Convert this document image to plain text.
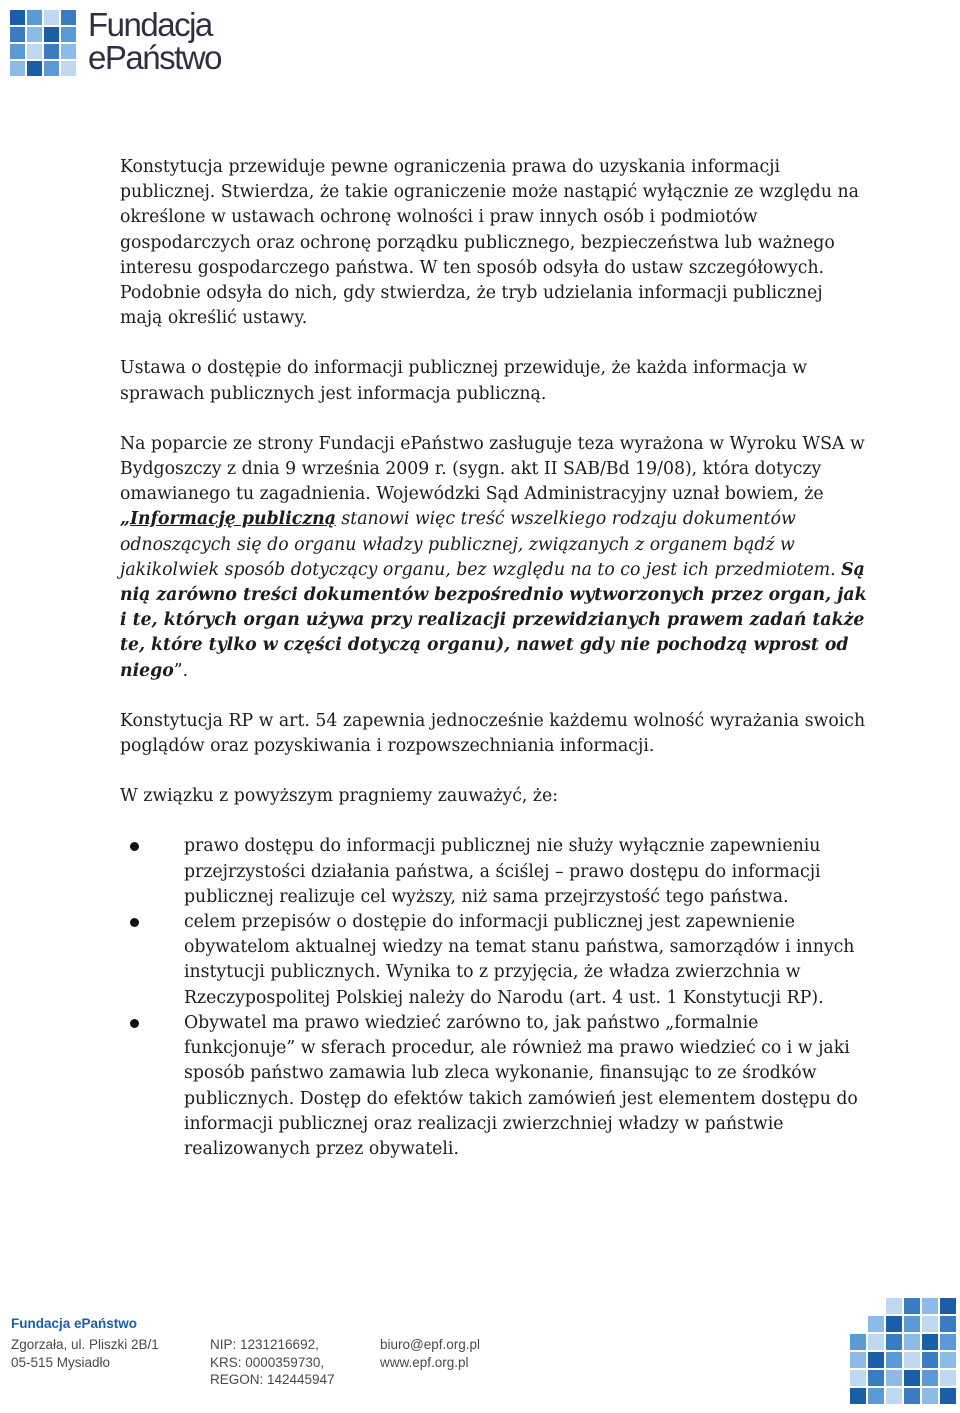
Fundacja
ePaństwo

Konstytucja przewiduje pewne ograniczenia prawa do uzyskania informacji publicznej. Stwierdza, że takie ograniczenie może nastąpić wyłącznie ze względu na określone w ustawach ochronę wolności i praw innych osób i podmiotów gospodarczych oraz ochronę porządku publicznego, bezpieczeństwa lub ważnego interesu gospodarczego państwa. W ten sposób odsyła do ustaw szczegółowych. Podobnie odsyła do nich, gdy stwierdza, że tryb udzielania informacji publicznej mają określić ustawy.

Ustawa o dostępie do informacji publicznej przewiduje, że każda informacja w sprawach publicznych jest informacja publiczną.

Na poparcie ze strony Fundacji ePaństwo zasługuje teza wyrażona w Wyroku WSA w Bydgoszczy z dnia 9 września 2009 r. (sygn. akt II SAB/Bd 19/08), która dotyczy omawianego tu zagadnienia. Wojewódzki Sąd Administracyjny uznał bowiem, że „Informację publiczną stanowi więc treść wszelkiego rodzaju dokumentów odnoszących się do organu władzy publicznej, związanych z organem bądź w jakikolwiek sposób dotyczący organu, bez względu na to co jest ich przedmiotem. Są nią zarówno treści dokumentów bezpośrednio wytworzonych przez organ, jak i te, których organ używa przy realizacji przewidzianych prawem zadań także te, które tylko w części dotyczą organu), nawet gdy nie pochodzą wprost od niego”.

Konstytucja RP w art. 54 zapewnia jednocześnie każdemu wolność wyrażania swoich poglądów oraz pozyskiwania i rozpowszechniania informacji.

W związku z powyższym pragniemy zauważyć, że:

prawo dostępu do informacji publicznej nie służy wyłącznie zapewnieniu przejrzystości działania państwa, a ściślej – prawo dostępu do informacji publicznej realizuje cel wyższy, niż sama przejrzystość tego państwa.
celem przepisów o dostępie do informacji publicznej jest zapewnienie obywatelom aktualnej wiedzy na temat stanu państwa, samorządów i innych instytucji publicznych. Wynika to z przyjęcia, że władza zwierzchnia w Rzeczypospolitej Polskiej należy do Narodu (art. 4 ust. 1 Konstytucji RP).
Obywatel ma prawo wiedzieć zarówno to, jak państwo „formalnie funkcjonuje” w sferach procedur, ale również ma prawo wiedzieć co i w jaki sposób państwo zamawia lub zleca wykonanie, finansując to ze środków publicznych. Dostęp do efektów takich zamówień jest elementem dostępu do informacji publicznej oraz realizacji zwierzchniej władzy w państwie realizowanych przez obywateli.
Fundacja ePaństwo
Zgorzała, ul. Pliszki 2B/1
05-515 Mysiadło
NIP: 1231216692,
KRS: 0000359730,
REGON: 142445947
biuro@epf.org.pl
www.epf.org.pl
